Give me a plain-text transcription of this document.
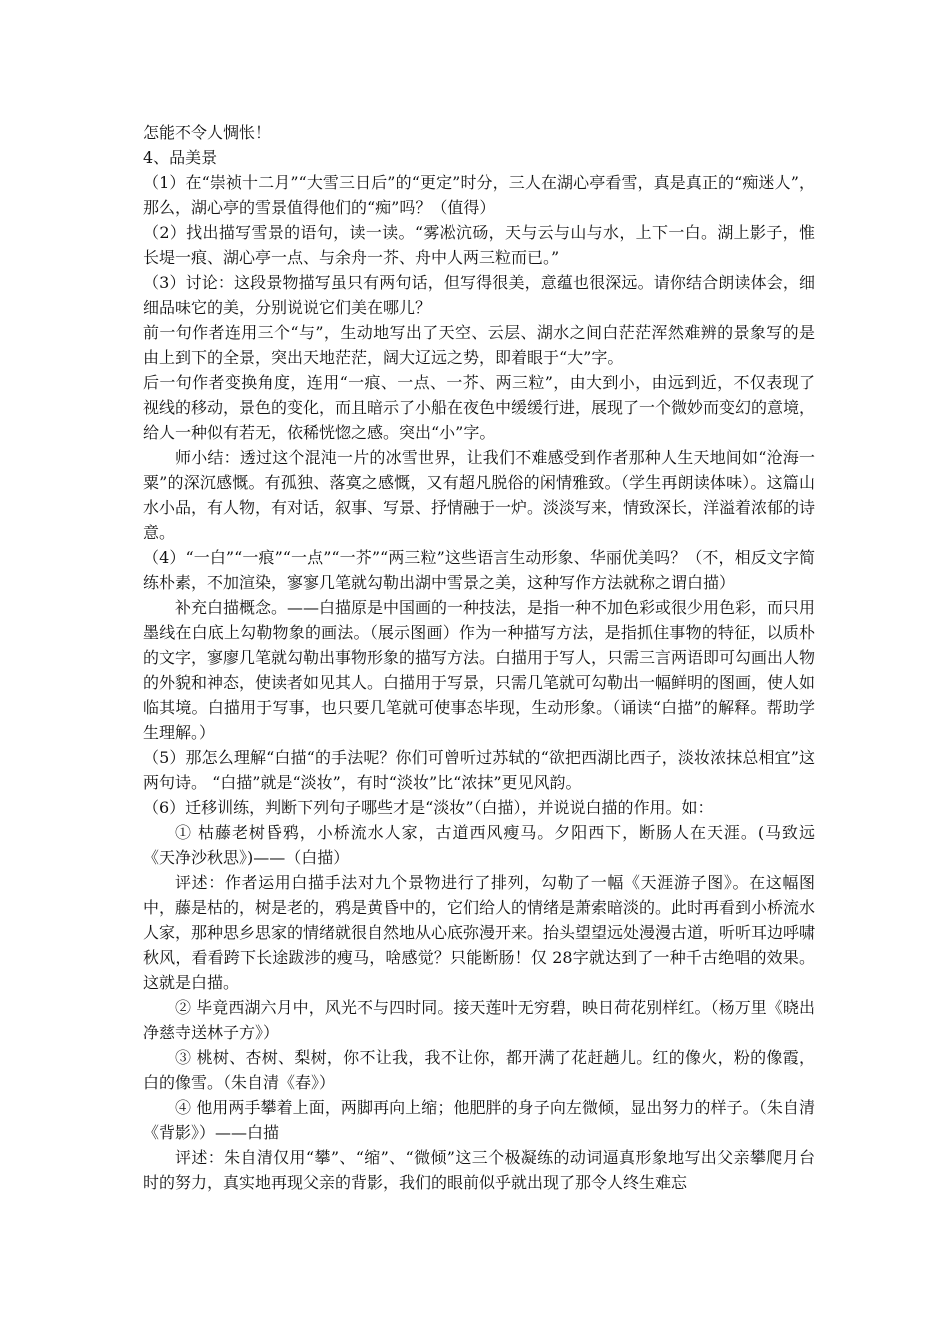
怎能不令人惆怅！

4、品美景

（1）在“崇祯十二月”“大雪三日后”的“更定”时分，三人在湖心亭看雪，真是真正的“痴迷人”，那么，湖心亭的雪景值得他们的“痴”吗？（值得）

（2）找出描写雪景的语句，读一读。“雾凇沆砀，天与云与山与水，上下一白。湖上影子，惟长堤一痕、湖心亭一点、与余舟一芥、舟中人两三粒而已。”

（3）讨论：这段景物描写虽只有两句话，但写得很美，意蕴也很深远。请你结合朗读体会，细细品味它的美，分别说说它们美在哪儿？

前一句作者连用三个“与”，生动地写出了天空、云层、湖水之间白茫茫浑然难辨的景象写的是由上到下的全景，突出天地茫茫，阔大辽远之势，即着眼于“大”字。

后一句作者变换角度，连用“一痕、一点、一芥、两三粒”，由大到小，由远到近，不仅表现了视线的移动，景色的变化，而且暗示了小船在夜色中缓缓行进，展现了一个微妙而变幻的意境，给人一种似有若无，依稀恍惚之感。突出“小”字。

师小结：透过这个混沌一片的冰雪世界，让我们不难感受到作者那种人生天地间如“沧海一粟”的深沉感慨。有孤独、落寞之感慨，又有超凡脱俗的闲情雅致。（学生再朗读体味）。这篇山水小品，有人物，有对话，叙事、写景、抒情融于一炉。淡淡写来，情致深长，洋溢着浓郁的诗意。

（4）“一白”“一痕”“一点”“一芥”“两三粒”这些语言生动形象、华丽优美吗？（不，相反文字简练朴素，不加渲染，寥寥几笔就勾勒出湖中雪景之美，这种写作方法就称之谓白描）

补充白描概念。——白描原是中国画的一种技法，是指一种不加色彩或很少用色彩，而只用墨线在白底上勾勒物象的画法。（展示图画）作为一种描写方法，是指抓住事物的特征，以质朴的文字，寥廖几笔就勾勒出事物形象的描写方法。白描用于写人，只需三言两语即可勾画出人物的外貌和神态，使读者如见其人。白描用于写景，只需几笔就可勾勒出一幅鲜明的图画，使人如临其境。白描用于写事，也只要几笔就可使事态毕现，生动形象。（诵读“白描”的解释。帮助学生理解。）

（5）那怎么理解“白描“的手法呢？你们可曾听过苏轼的“欲把西湖比西子，淡妆浓抹总相宜”这两句诗。 “白描”就是“淡妆”，有时“淡妆”比“浓抹”更见风韵。

（6）迁移训练，判断下列句子哪些才是“淡妆”（白描），并说说白描的作用。如：

① 枯藤老树昏鸦，小桥流水人家，古道西风瘦马。夕阳西下，断肠人在天涯。(马致远 《天净沙秋思》)——（白描）

评述：作者运用白描手法对九个景物进行了排列，勾勒了一幅《天涯游子图》。在这幅图中，藤是枯的，树是老的，鸦是黄昏中的，它们给人的情绪是萧索暗淡的。此时再看到小桥流水人家，那种思乡思家的情绪就很自然地从心底弥漫开来。抬头望望远处漫漫古道，听听耳边呼啸秋风，看看跨下长途跋涉的瘦马，啥感觉？只能断肠！仅 28字就达到了一种千古绝唱的效果。这就是白描。

② 毕竟西湖六月中，风光不与四时同。接天莲叶无穷碧，映日荷花别样红。（杨万里《晓出净慈寺送林子方》）

③ 桃树、杏树、梨树，你不让我，我不让你，都开满了花赶趟儿。红的像火，粉的像霞，白的像雪。（朱自清《春》）

④ 他用两手攀着上面，两脚再向上缩；他肥胖的身子向左微倾，显出努力的样子。（朱自清《背影》）——白描

评述：朱自清仅用“攀”、“缩”、“微倾”这三个极凝练的动词逼真形象地写出父亲攀爬月台时的努力，真实地再现父亲的背影，我们的眼前似乎就出现了那令人终生难忘
